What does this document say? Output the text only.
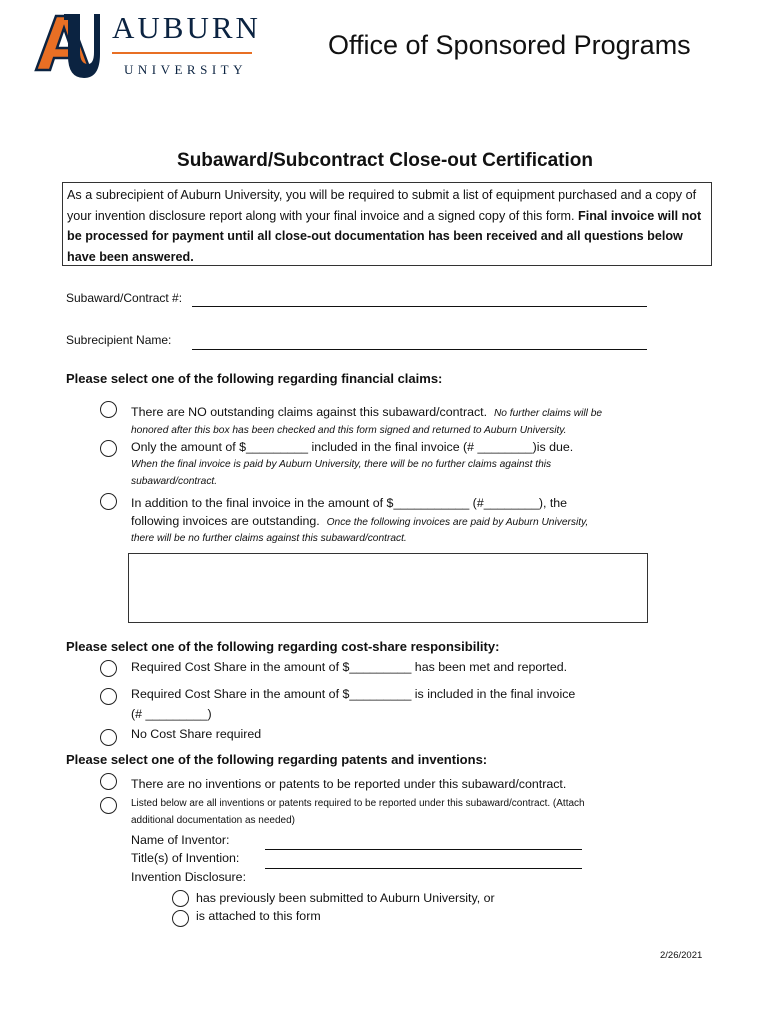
AUBURN
UNIVERSITY
Office of Sponsored Programs
Subaward/Subcontract Close-out Certification
As a subrecipient of Auburn University, you will be required to submit a list of equipment purchased and a copy of your invention disclosure report along with your final invoice and a signed copy of this form. Final invoice will not be processed for payment until all close-out documentation has been received and all questions below have been answered.
Subaward/Contract #:
Subrecipient Name:
Please select one of the following regarding financial claims:
There are NO outstanding claims against this subaward/contract. No further claims will be
honored after this box has been checked and this form signed and returned to Auburn University.
Only the amount of $_________ included in the final invoice (# ________)is due.
When the final invoice is paid by Auburn University, there will be no further claims against this
subaward/contract.
In addition to the final invoice in the amount of $___________ (#________), the
following invoices are outstanding. Once the following invoices are paid by Auburn University,
there will be no further claims against this subaward/contract.
Please select one of the following regarding cost-share responsibility:
Required Cost Share in the amount of $_________ has been met and reported.
Required Cost Share in the amount of $_________ is included in the final invoice
(# _________)
No Cost Share required
Please select one of the following regarding patents and inventions:
There are no inventions or patents to be reported under this subaward/contract.
Listed below are all inventions or patents required to be reported under this subaward/contract. (Attach
additional documentation as needed)
Name of Inventor:
Title(s) of Invention:
Invention Disclosure:
has previously been submitted to Auburn University, or
is attached to this form
2/26/2021
